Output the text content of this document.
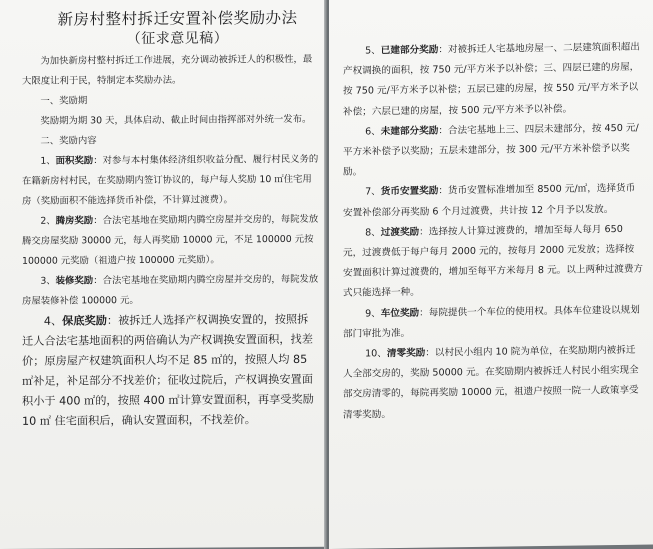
新房村整村拆迁安置补偿奖励办法
（征求意见稿）

为加快新房村整村拆迁工作进展，充分调动被拆迁人的积极性，最大限度让利于民，特制定本奖励办法。

一、奖励期

奖励期为期 30 天，具体启动、截止时间由指挥部对外统一发布。

二、奖励内容

1、面积奖励：对参与本村集体经济组织收益分配、履行村民义务的在籍新房村村民，在奖励期内签订协议的，每户每人奖励 10 ㎡住宅用房（奖励面积不能选择货币补偿，不计算过渡费）。

2、腾房奖励：合法宅基地在奖励期内腾空房屋并交房的，每院发放腾交房屋奖励 30000 元，每人再奖励 10000 元，不足 100000 元按 100000 元奖励（祖遗户按 100000 元奖励）。

3、装修奖励：合法宅基地在奖励期内腾空房屋并交房的，每院发放房屋装修补偿 100000 元。

4、保底奖励：被拆迁人选择产权调换安置的，按照拆迁人合法宅基地面积的两倍确认为产权调换安置面积，找差价；原房屋产权建筑面积人均不足 85 ㎡的，按照人均 85 ㎡补足，补足部分不找差价；征收过院后，产权调换安置面积小于 400 ㎡的，按照 400 ㎡计算安置面积，再享受奖励 10 ㎡ 住宅面积后，确认安置面积，不找差价。

5、已建部分奖励：对被拆迁人宅基地房屋一、二层建筑面积超出产权调换的面积，按 750 元/平方米予以补偿；三、四层已建的房屋，按 750 元/平方米予以补偿；五层已建的房屋，按 550 元/平方米予以补偿；六层已建的房屋，按 500 元/平方米予以补偿。

6、未建部分奖励：合法宅基地上三、四层未建部分，按 450 元/平方米补偿予以奖励；五层未建部分，按 300 元/平方米补偿予以奖励。

7、货币安置奖励：货币安置标准增加至 8500 元/㎡，选择货币安置补偿部分再奖励 6 个月过渡费，共计按 12 个月予以发放。

8、过渡奖励：选择按人计算过渡费的，增加至每人每月 650 元，过渡费低于每户每月 2000 元的，按每月 2000 元发放；选择按安置面积计算过渡费的，增加至每平方米每月 8 元。以上两种过渡费方式只能选择一种。

9、车位奖励：每院提供一个车位的使用权。具体车位建设以规划部门审批为准。

10、清零奖励：以村民小组内 10 院为单位，在奖励期内被拆迁人全部交房的，奖励 50000 元。在奖励期内被拆迁人村民小组实现全部交房清零的，每院再奖励 10000 元，祖遗户按照一院一人政策享受清零奖励。
